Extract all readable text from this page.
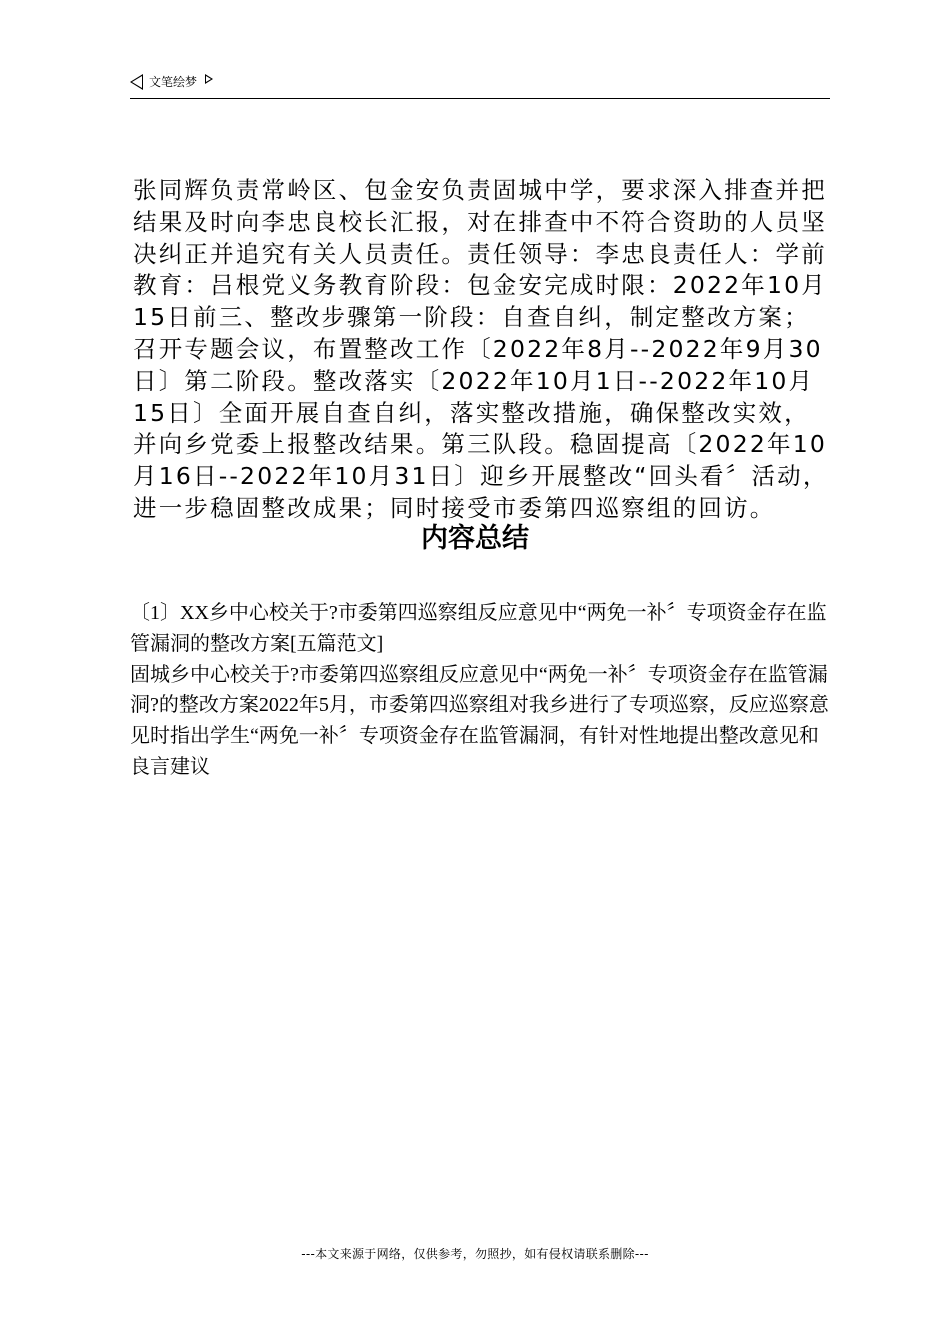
文笔绘梦

张同辉负责常岭区、包金安负责固城中学，要求深入排查并把结果及时向李忠良校长汇报，对在排查中不符合资助的人员坚决纠正并追究有关人员责任。责任领导：李忠良责任人：学前教育：吕根党义务教育阶段：包金安完成时限：2022年10月15日前三、整改步骤第一阶段：自查自纠，制定整改方案；召开专题会议，布置整改工作〔2022年8月--2022年9月30日〕第二阶段。整改落实〔2022年10月1日--2022年10月15日〕全面开展自查自纠，落实整改措施，确保整改实效，并向乡党委上报整改结果。第三队段。稳固提高〔2022年10月16日--2022年10月31日〕迎乡开展整改“回头看〞活动，进一步稳固整改成果；同时接受市委第四巡察组的回访。

内容总结

〔1〕XX乡中心校关于?市委第四巡察组反应意见中“两免一补〞专项资金存在监管漏洞的整改方案[五篇范文]

固城乡中心校关于?市委第四巡察组反应意见中“两免一补〞专项资金存在监管漏洞?的整改方案2022年5月，市委第四巡察组对我乡进行了专项巡察，反应巡察意见时指出学生“两免一补〞专项资金存在监管漏洞，有针对性地提出整改意见和良言建议

---本文来源于网络，仅供参考，勿照抄，如有侵权请联系删除---
